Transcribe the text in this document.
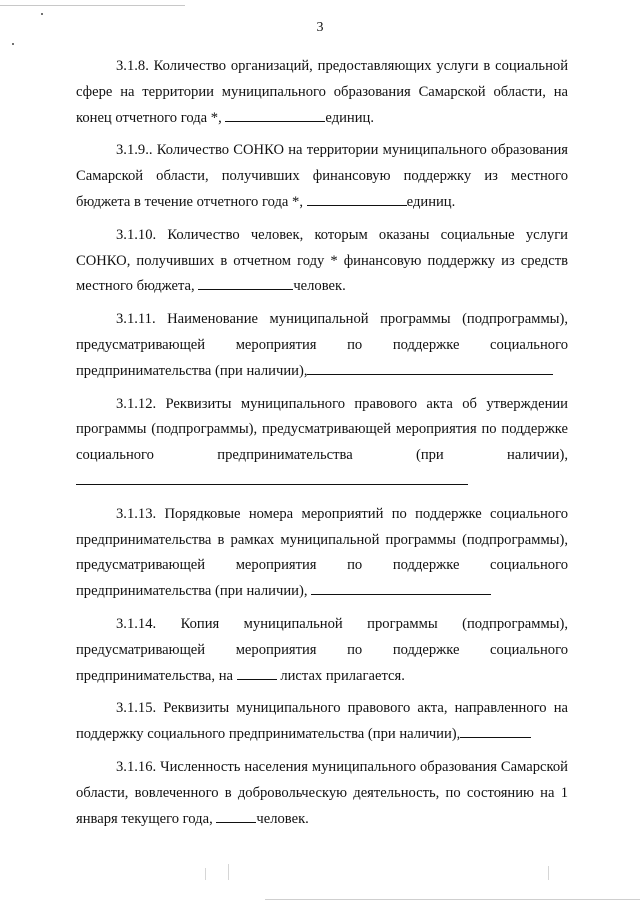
3

3.1.8. Количество организаций, предоставляющих услуги в социальной сфере на территории муниципального образования Самарской области, на конец отчетного года *,	единиц.

3.1.9.. Количество СОНКО на территории муниципального образования Самарской области, получивших финансовую поддержку из местного бюджета в течение отчетного года *,	единиц.

3.1.10. Количество человек, которым оказаны социальные услуги СОНКО, получивших в отчетном году * финансовую поддержку из средств местного бюджета,	человек.

3.1.11. Наименование муниципальной программы (подпрограммы), предусматривающей мероприятия по поддержке социального предпринимательства (при наличии),

3.1.12. Реквизиты муниципального правового акта об утверждении программы (подпрограммы), предусматривающей мероприятия по поддержке социального предпринимательства (при наличии),

3.1.13. Порядковые номера мероприятий по поддержке социального предпринимательства в рамках муниципальной программы (подпрограммы), предусматривающей мероприятия по поддержке социального предпринимательства (при наличии),

3.1.14. Копия муниципальной программы (подпрограммы), предусматривающей мероприятия по поддержке социального предпринимательства, на	листах прилагается.

3.1.15. Реквизиты муниципального правового акта, направленного на поддержку социального предпринимательства (при наличии),

3.1.16. Численность населения муниципального образования Самарской области, вовлеченного в добровольческую деятельность, по состоянию на 1 января текущего года,	человек.
